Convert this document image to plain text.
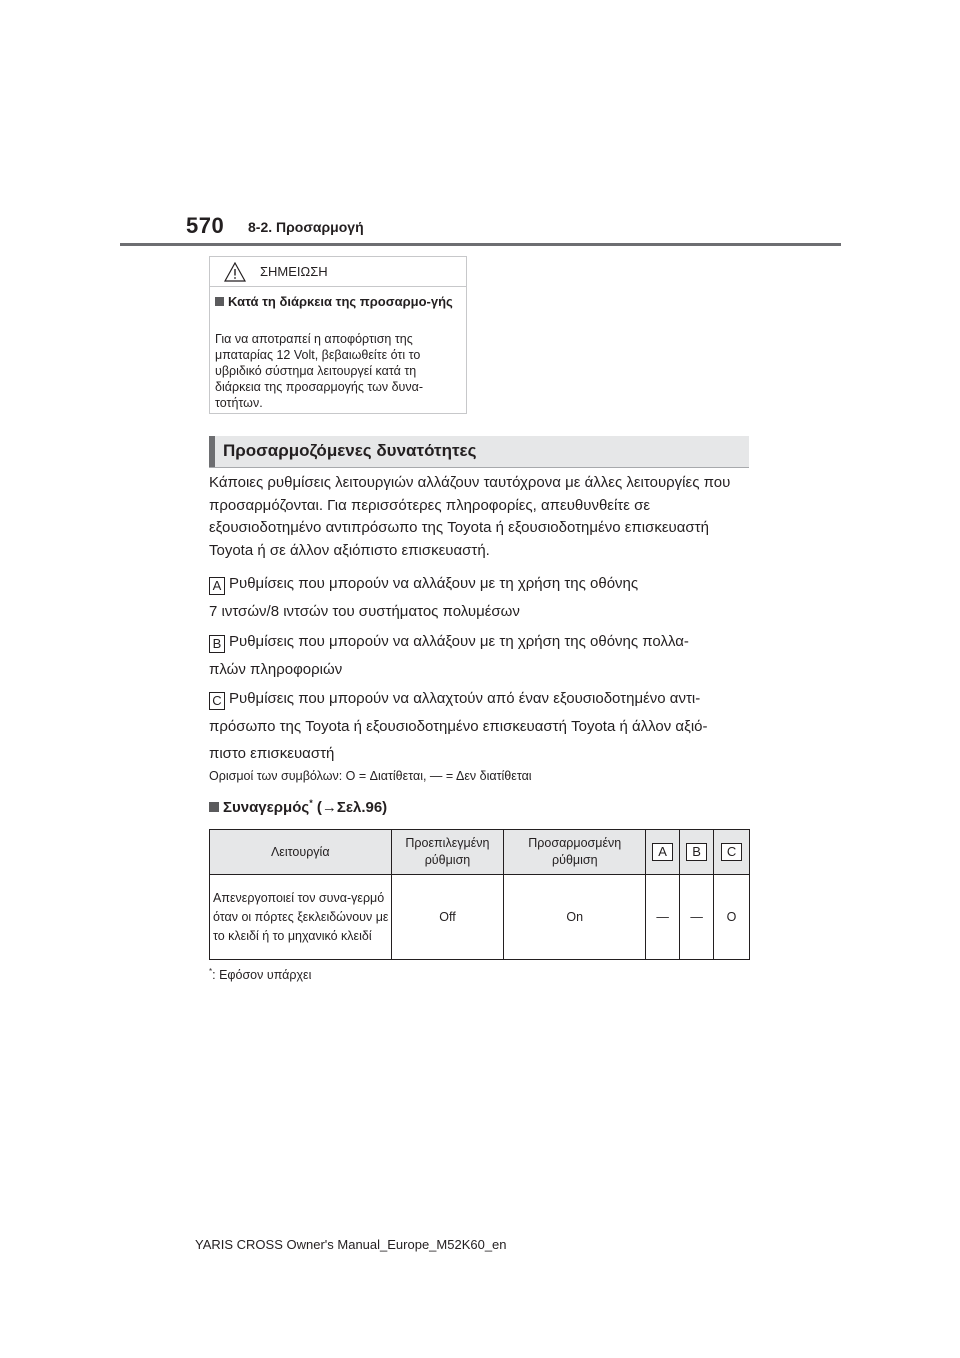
570 8-2. Προσαρμογή
ΣΗΜΕΙΩΣΗ
Κατά τη διάρκεια της προσαρμο-γής
Για να αποτραπεί η αποφόρτιση της μπαταρίας 12 Volt, βεβαιωθείτε ότι το υβριδικό σύστημα λειτουργεί κατά τη διάρκεια της προσαρμογής των δυνα-τοτήτων.
Προσαρμοζόμενες δυνατότητες
Κάποιες ρυθμίσεις λειτουργιών αλλάζουν ταυτόχρονα με άλλες λειτουργίες που προσαρμόζονται. Για περισσότερες πληροφορίες, απευθυνθείτε σε εξουσιοδοτημένο αντιπρόσωπο της Toyota ή εξουσιοδοτημένο επισκευαστή Toyota ή σε άλλον αξιόπιστο επισκευαστή.
A Ρυθμίσεις που μπορούν να αλλάξουν με τη χρήση της οθόνης
7 ιντσών/8 ιντσών του συστήματος πολυμέσων
B Ρυθμίσεις που μπορούν να αλλάξουν με τη χρήση της οθόνης πολλα-
πλών πληροφοριών
C Ρυθμίσεις που μπορούν να αλλαχτούν από έναν εξουσιοδοτημένο αντι-
πρόσωπο της Toyota ή εξουσιοδοτημένο επισκευαστή Toyota ή άλλον αξιό-
πιστο επισκευαστή
Ορισμοί των συμβόλων: O = Διατίθεται, — = Δεν διατίθεται
Συναγερμός* (→Σελ.96)
Λειτουργία	Προεπιλεγμένη ρύθμιση	Προσαρμοσμένη ρύθμιση	A	B	C
Απενεργοποιεί τον συνα-γερμό όταν οι πόρτες ξεκλειδώνουν με το κλειδί ή το μηχανικό κλειδί	Off	On	—	—	O
*: Εφόσον υπάρχει
YARIS CROSS Owner's Manual_Europe_M52K60_en
